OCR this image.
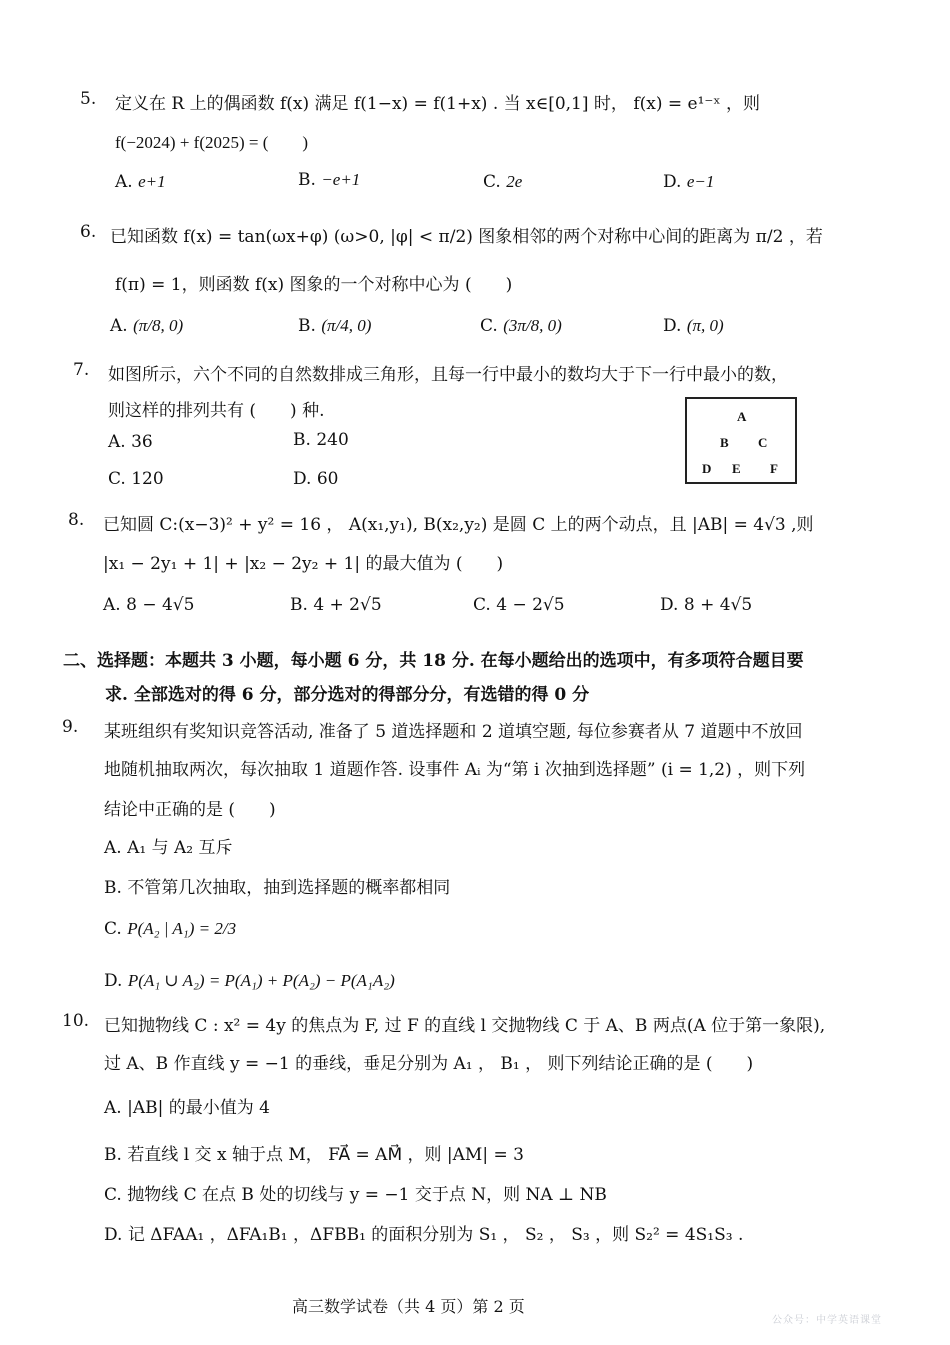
5. 定义在 R 上的偶函数 f(x) 满足 f(1−x) = f(1+x) . 当 x∈[0,1] 时， f(x) = e¹⁻ˣ ，则
f(−2024) + f(2025) = (　　)
A. e+1	B. −e+1	C. 2e	D. e−1
6. 已知函数 f(x) = tan(ωx+φ) (ω>0, |φ| < π/2) 图象相邻的两个对称中心间的距离为 π/2 ，若
f(π) = 1，则函数 f(x) 图象的一个对称中心为 (　　)
A. (π/8, 0)	B. (π/4, 0)	C. (3π/8, 0)	D. (π, 0)
7. 如图所示，六个不同的自然数排成三角形，且每一行中最小的数均大于下一行中最小的数，
则这样的排列共有 (　　) 种.
A. 36	B. 240
C. 120	D. 60
A
B C
D E F
8. 已知圆 C:(x−3)² + y² = 16 ， A(x₁,y₁), B(x₂,y₂) 是圆 C 上的两个动点，且 |AB| = 4√3 ,则
|x₁ − 2y₁ + 1| + |x₂ − 2y₂ + 1| 的最大值为 (　　)
A. 8 − 4√5	B. 4 + 2√5	C. 4 − 2√5	D. 8 + 4√5
二、选择题：本题共 3 小题，每小题 6 分，共 18 分. 在每小题给出的选项中，有多项符合题目要
求. 全部选对的得 6 分，部分选对的得部分分，有选错的得 0 分
9. 某班组织有奖知识竞答活动, 准备了 5 道选择题和 2 道填空题, 每位参赛者从 7 道题中不放回
地随机抽取两次，每次抽取 1 道题作答. 设事件 Aᵢ 为“第 i 次抽到选择题” (i = 1,2) ，则下列
结论中正确的是 (　　)
A. A₁ 与 A₂ 互斥
B. 不管第几次抽取，抽到选择题的概率都相同
C. P(A₂ | A₁) = 2/3
D. P(A₁ ∪ A₂) = P(A₁) + P(A₂) − P(A₁A₂)
10. 已知抛物线 C : x² = 4y 的焦点为 F, 过 F 的直线 l 交抛物线 C 于 A、B 两点(A 位于第一象限),
过 A、B 作直线 y = −1 的垂线，垂足分别为 A₁ ， B₁ ， 则下列结论正确的是 (　　)
A. |AB| 的最小值为 4
B. 若直线 l 交 x 轴于点 M， FA⃗ = AM⃗ ，则 |AM| = 3
C. 抛物线 C 在点 B 处的切线与 y = −1 交于点 N，则 NA ⊥ NB
D. 记 ΔFAA₁ ，ΔFA₁B₁ ，ΔFBB₁ 的面积分别为 S₁ ， S₂ ， S₃ ，则 S₂² = 4S₁S₃ .
高三数学试卷（共 4 页）第 2 页
公众号：中学英语课堂
